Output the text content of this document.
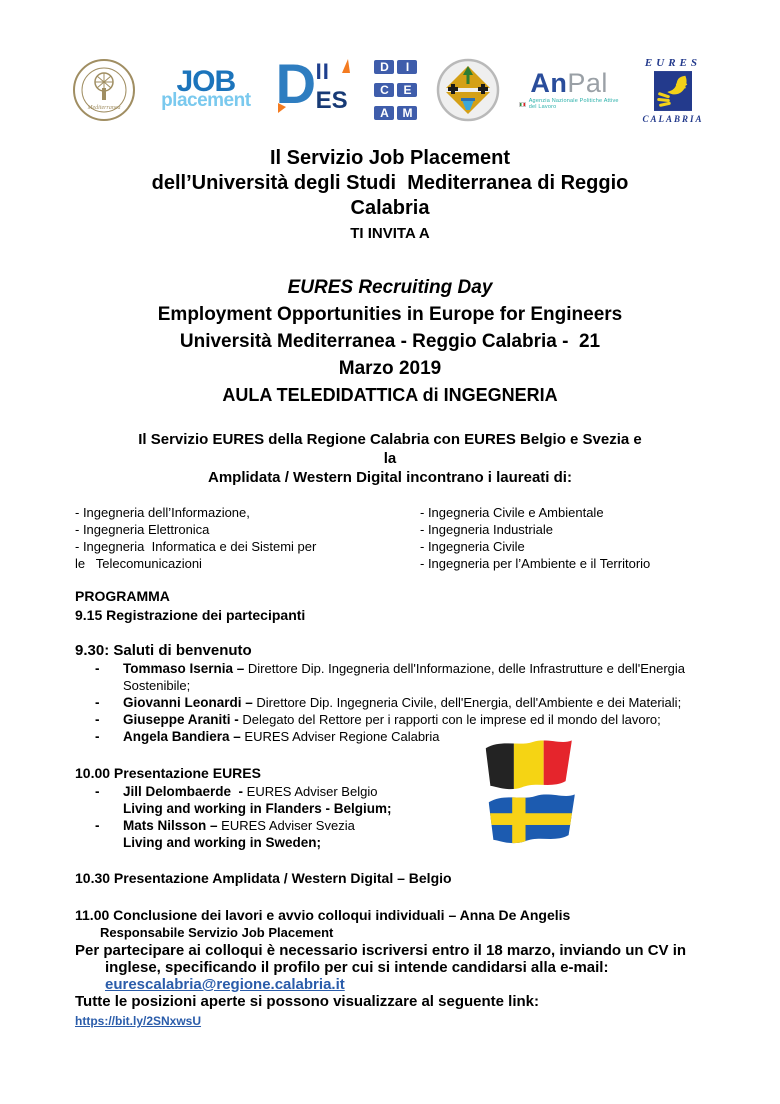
Mediterranea
JOB
placement D II
ES
D	I
C	E
A	M
AnPal
Agenzia Nazionale Politiche Attive del Lavoro
EURES
CALABRIA
Il Servizio Job Placement
dell’Università degli Studi  Mediterranea di Reggio
Calabria
TI INVITA A
EURES Recruiting Day
Employment Opportunities in Europe for Engineers
Università Mediterranea - Reggio Calabria -  21
Marzo 2019
AULA TELEDIDATTICA di INGEGNERIA
Il Servizio EURES della Regione Calabria con EURES Belgio e Svezia e
la
Amplidata / Western Digital incontrano i laureati di:
- Ingegneria dell’Informazione,
- Ingegneria Elettronica
- Ingegneria  Informatica e dei Sistemi per
le   Telecomunicazioni
- Ingegneria Civile e Ambientale
- Ingegneria Industriale
- Ingegneria Civile
- Ingegneria per l’Ambiente e il Territorio
PROGRAMMA
9.15 Registrazione dei partecipanti
9.30: Saluti di benvenuto
-	Tommaso Isernia – Direttore Dip. Ingegneria dell'Informazione, delle Infrastrutture e dell'Energia Sostenibile;
-	Giovanni Leonardi – Direttore Dip. Ingegneria Civile, dell'Energia, dell'Ambiente e dei Materiali;
-	Giuseppe Araniti - Delegato del Rettore per i rapporti con le imprese ed il mondo del lavoro;
-	Angela Bandiera – EURES Adviser Regione Calabria
10.00 Presentazione EURES
-	Jill Delombaerde  - EURES Adviser Belgio
Living and working in Flanders - Belgium;
-	Mats Nilsson – EURES Adviser Svezia
Living and working in Sweden;
10.30 Presentazione Amplidata / Western Digital – Belgio
11.00 Conclusione dei lavori e avvio colloqui individuali – Anna De Angelis
Responsabile Servizio Job Placement
Per partecipare ai colloqui è necessario iscriversi entro il 18 marzo, inviando un CV in inglese, specificando il profilo per cui si intende candidarsi alla e-mail: eurescalabria@regione.calabria.it
Tutte le posizioni aperte si possono visualizzare al seguente link:
https://bit.ly/2SNxwsU
